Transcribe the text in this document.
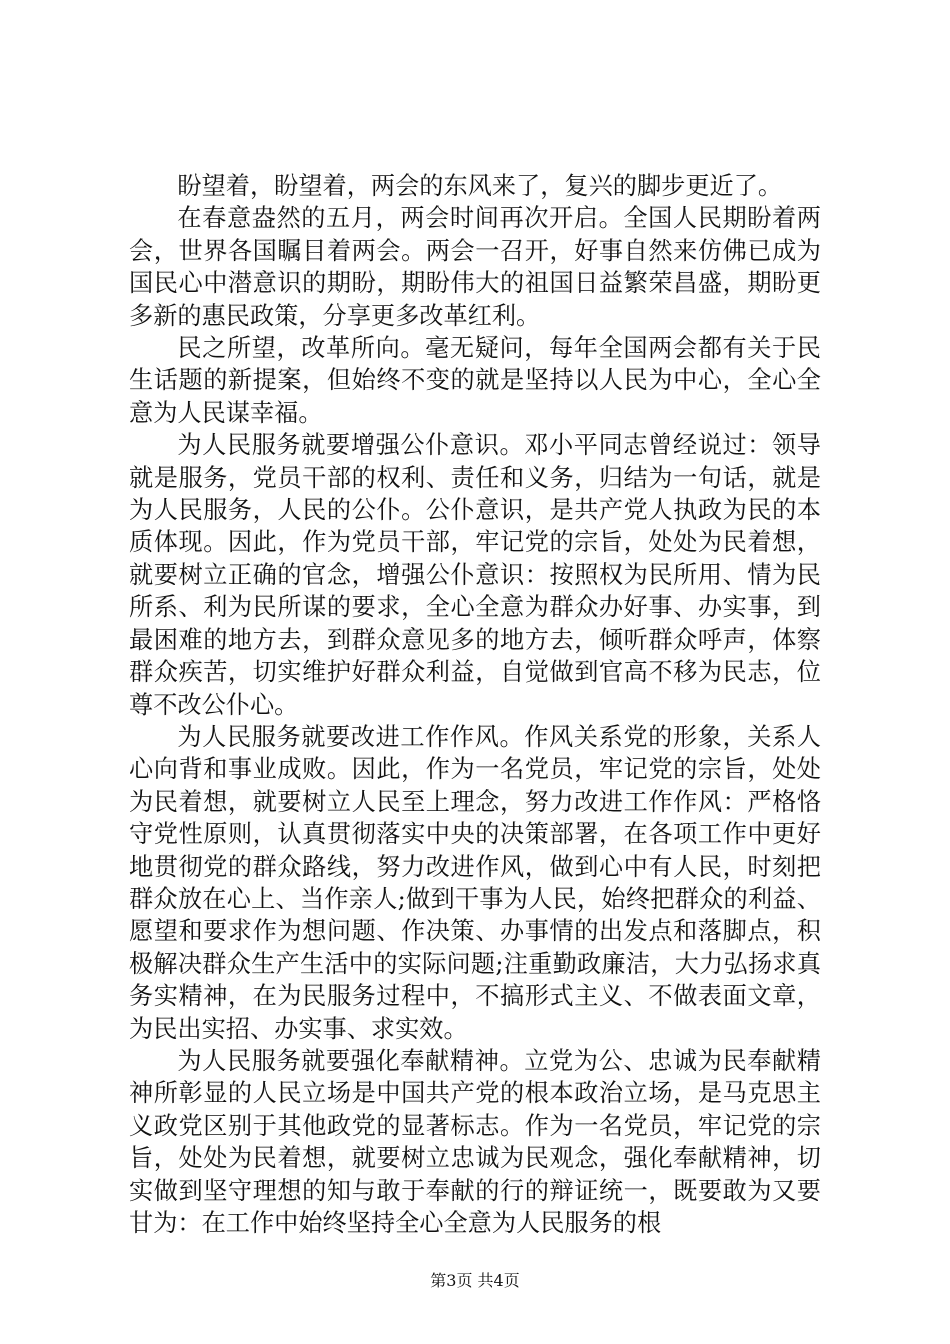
盼望着，盼望着，两会的东风来了，复兴的脚步更近了。

在春意盎然的五月，两会时间再次开启。全国人民期盼着两会，世界各国瞩目着两会。两会一召开，好事自然来仿佛已成为国民心中潜意识的期盼，期盼伟大的祖国日益繁荣昌盛，期盼更多新的惠民政策，分享更多改革红利。

民之所望，改革所向。毫无疑问，每年全国两会都有关于民生话题的新提案，但始终不变的就是坚持以人民为中心，全心全意为人民谋幸福。

为人民服务就要增强公仆意识。邓小平同志曾经说过：领导就是服务，党员干部的权利、责任和义务，归结为一句话，就是为人民服务，人民的公仆。公仆意识，是共产党人执政为民的本质体现。因此，作为党员干部，牢记党的宗旨，处处为民着想，就要树立正确的官念，增强公仆意识：按照权为民所用、情为民所系、利为民所谋的要求，全心全意为群众办好事、办实事，到最困难的地方去，到群众意见多的地方去，倾听群众呼声，体察群众疾苦，切实维护好群众利益，自觉做到官高不移为民志，位尊不改公仆心。

为人民服务就要改进工作作风。作风关系党的形象，关系人心向背和事业成败。因此，作为一名党员，牢记党的宗旨，处处为民着想，就要树立人民至上理念，努力改进工作作风：严格恪守党性原则，认真贯彻落实中央的决策部署，在各项工作中更好地贯彻党的群众路线，努力改进作风，做到心中有人民，时刻把群众放在心上、当作亲人;做到干事为人民，始终把群众的利益、愿望和要求作为想问题、作决策、办事情的出发点和落脚点，积极解决群众生产生活中的实际问题;注重勤政廉洁，大力弘扬求真务实精神，在为民服务过程中，不搞形式主义、不做表面文章，为民出实招、办实事、求实效。

为人民服务就要强化奉献精神。立党为公、忠诚为民奉献精神所彰显的人民立场是中国共产党的根本政治立场，是马克思主义政党区别于其他政党的显著标志。作为一名党员，牢记党的宗旨，处处为民着想，就要树立忠诚为民观念，强化奉献精神，切实做到坚守理想的知与敢于奉献的行的辩证统一，既要敢为又要甘为：在工作中始终坚持全心全意为人民服务的根

第3页 共4页
